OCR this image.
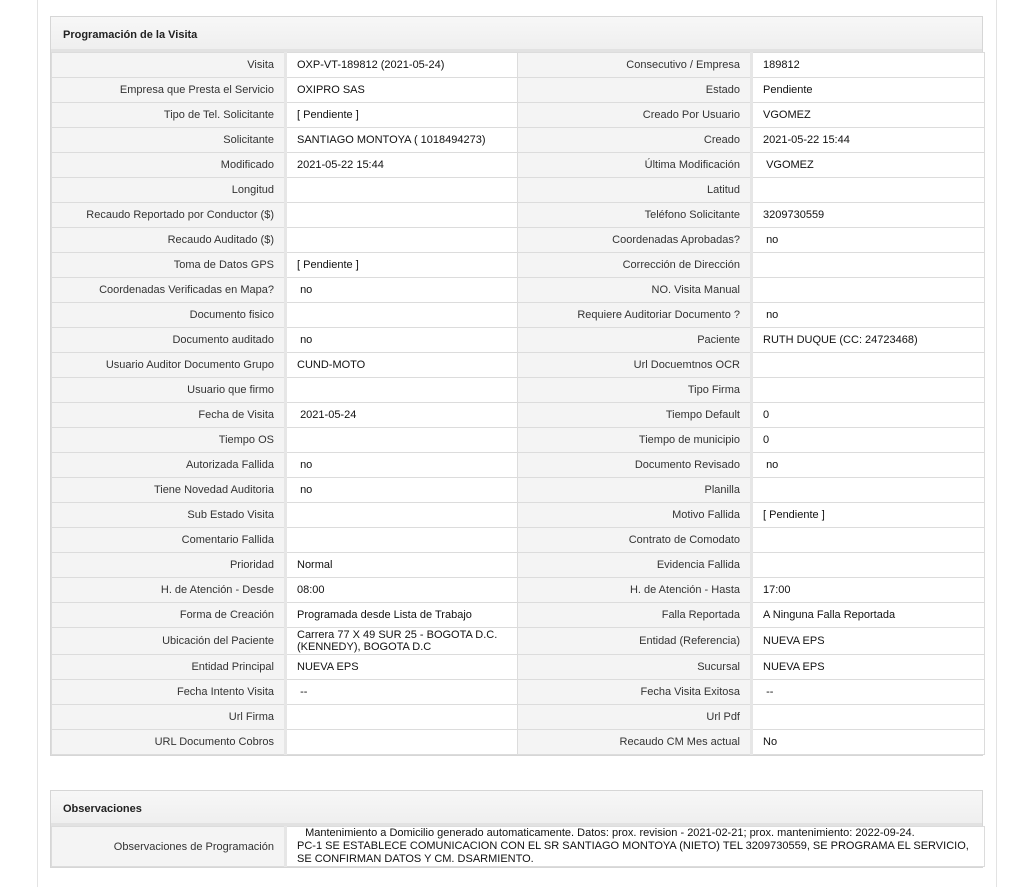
Programación de la Visita
Visita	OXP-VT-189812 (2021-05-24)	Consecutivo / Empresa	189812
Empresa que Presta el Servicio	OXIPRO SAS	Estado	Pendiente
Tipo de Tel. Solicitante	[ Pendiente ]	Creado Por Usuario	VGOMEZ
Solicitante	SANTIAGO MONTOYA ( 1018494273)	Creado	2021-05-22 15:44
Modificado	2021-05-22 15:44	Última Modificación	VGOMEZ
Longitud		Latitud	
Recaudo Reportado por Conductor ($)		Teléfono Solicitante	3209730559
Recaudo Auditado ($)		Coordenadas Aprobadas?	no
Toma de Datos GPS	[ Pendiente ]	Corrección de Dirección	
Coordenadas Verificadas en Mapa?	no	NO. Visita Manual	
Documento fisico		Requiere Auditoriar Documento ?	no
Documento auditado	no	Paciente	RUTH DUQUE (CC: 24723468)
Usuario Auditor Documento Grupo	CUND-MOTO	Url Docuemtnos OCR	
Usuario que firmo		Tipo Firma	
Fecha de Visita	2021-05-24	Tiempo Default	0
Tiempo OS		Tiempo de municipio	0
Autorizada Fallida	no	Documento Revisado	no
Tiene Novedad Auditoria	no	Planilla	
Sub Estado Visita		Motivo Fallida	[ Pendiente ]
Comentario Fallida		Contrato de Comodato	
Prioridad	Normal	Evidencia Fallida	
H. de Atención - Desde	08:00	H. de Atención - Hasta	17:00
Forma de Creación	Programada desde Lista de Trabajo	Falla Reportada	A Ninguna Falla Reportada
Ubicación del Paciente	Carrera 77 X 49 SUR 25 - BOGOTA D.C. (KENNEDY), BOGOTA D.C	Entidad (Referencia)	NUEVA EPS
Entidad Principal	NUEVA EPS	Sucursal	NUEVA EPS
Fecha Intento Visita	--	Fecha Visita Exitosa	--
Url Firma		Url Pdf	
URL Documento Cobros		Recaudo CM Mes actual	No
Observaciones
Observaciones de Programación	
Mantenimiento a Domicilio generado automaticamente. Datos: prox. revision - 2021-02-21; prox. mantenimiento: 2022-09-24.
PC-1 SE ESTABLECE COMUNICACION CON EL SR SANTIAGO MONTOYA (NIETO) TEL 3209730559, SE PROGRAMA EL SERVICIO, SE CONFIRMAN DATOS Y CM. DSARMIENTO.
